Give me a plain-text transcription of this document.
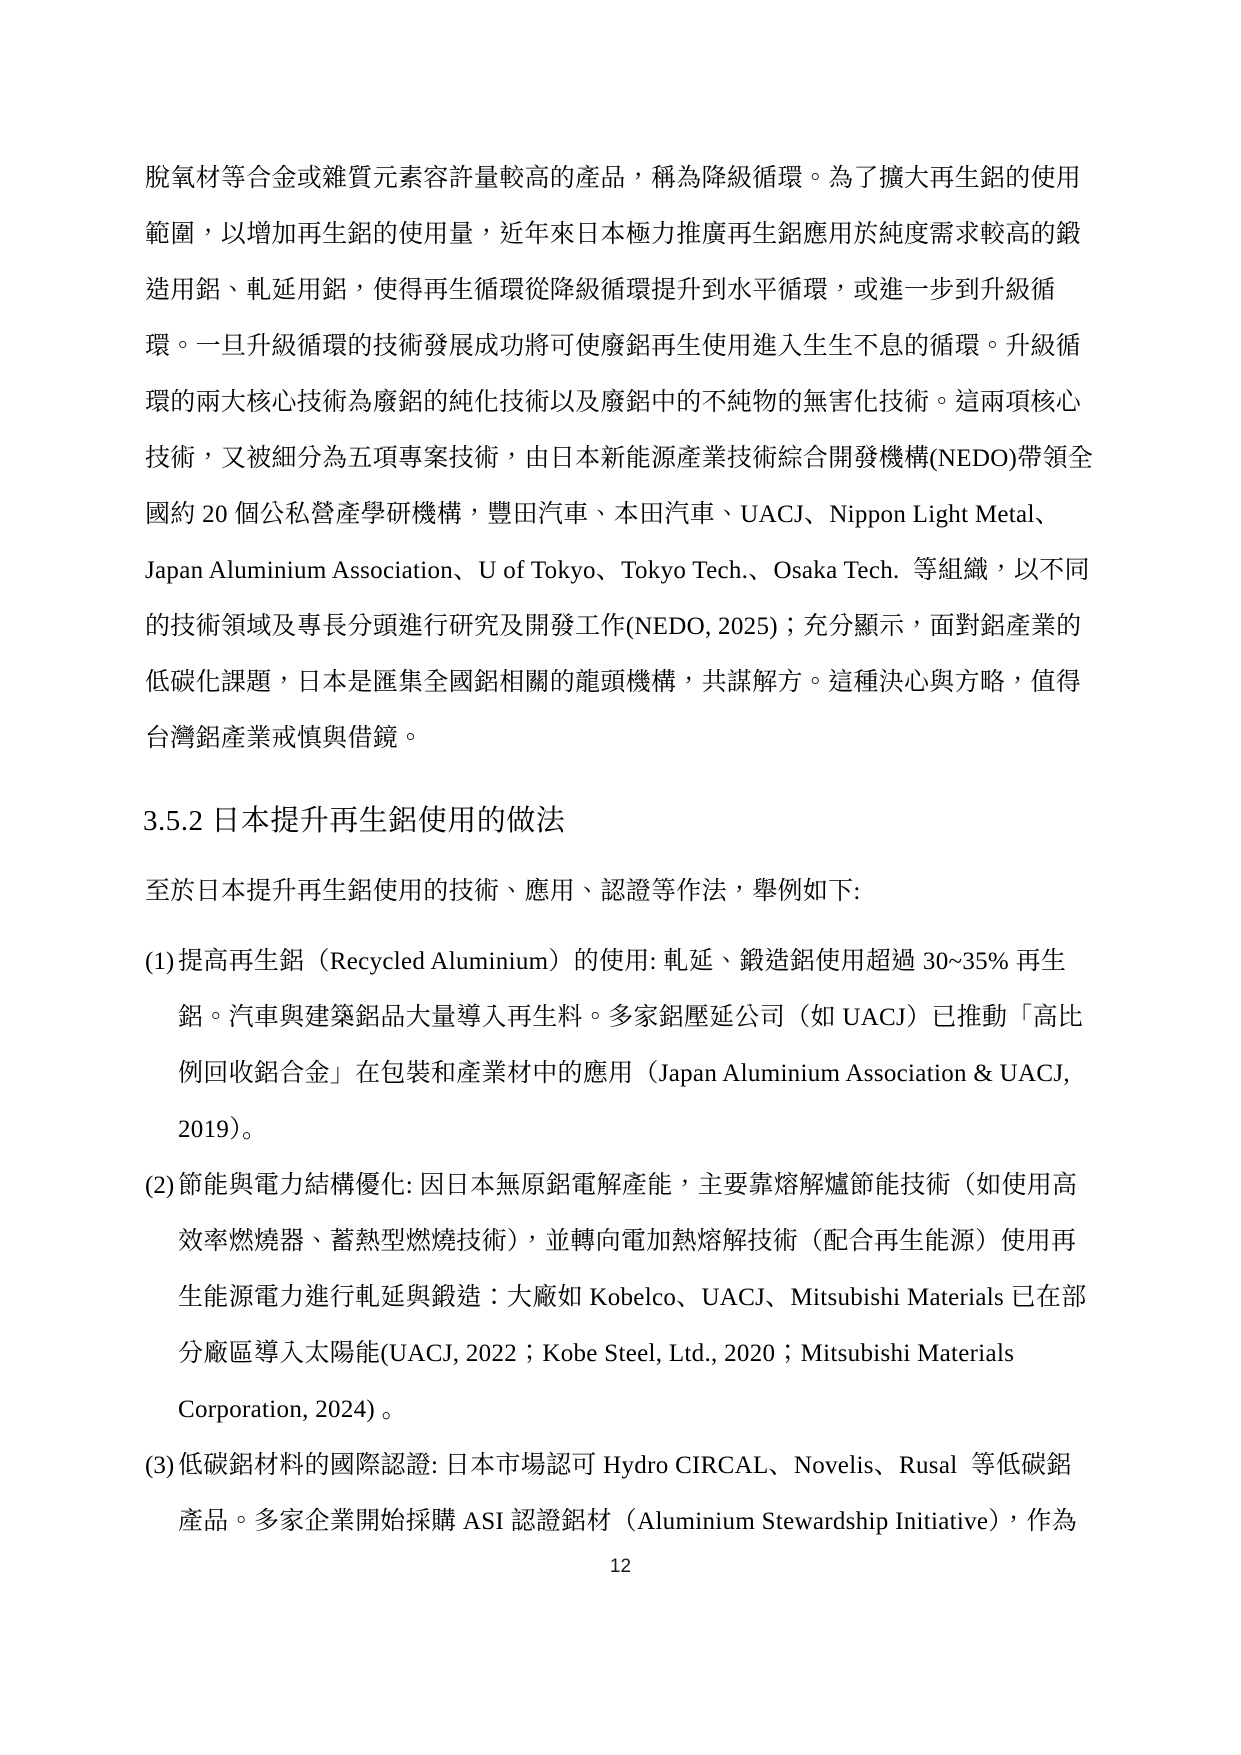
脫氧材等合金或雜質元素容許量較高的產品，稱為降級循環。為了擴大再生鋁的使用
範圍，以增加再生鋁的使用量，近年來日本極力推廣再生鋁應用於純度需求較高的鍛
造用鋁、軋延用鋁，使得再生循環從降級循環提升到水平循環，或進一步到升級循
環。一旦升級循環的技術發展成功將可使廢鋁再生使用進入生生不息的循環。升級循
環的兩大核心技術為廢鋁的純化技術以及廢鋁中的不純物的無害化技術。這兩項核心
技術，又被細分為五項專案技術，由日本新能源產業技術綜合開發機構(NEDO)帶領全
國約 20 個公私營產學研機構，豐田汽車、本田汽車、UACJ、Nippon Light Metal、
Japan Aluminium Association、U of Tokyo、Tokyo Tech.、Osaka Tech.  等組織，以不同
的技術領域及專長分頭進行研究及開發工作(NEDO, 2025)；充分顯示，面對鋁產業的
低碳化課題，日本是匯集全國鋁相關的龍頭機構，共謀解方。這種決心與方略，值得
台灣鋁產業戒慎與借鏡。
3.5.2 日本提升再生鋁使用的做法
至於日本提升再生鋁使用的技術、應用、認證等作法，舉例如下:
(1) 提高再生鋁（Recycled Aluminium）的使用: 軋延、鍛造鋁使用超過 30~35% 再生
鋁。汽車與建築鋁品大量導入再生料。多家鋁壓延公司（如 UACJ）已推動「高比
例回收鋁合金」在包裝和產業材中的應用（Japan Aluminium Association & UACJ,
2019）。
(2) 節能與電力結構優化: 因日本無原鋁電解產能，主要靠熔解爐節能技術（如使用高
效率燃燒器、蓄熱型燃燒技術），並轉向電加熱熔解技術（配合再生能源）使用再
生能源電力進行軋延與鍛造：大廠如 Kobelco、UACJ、Mitsubishi Materials 已在部
分廠區導入太陽能(UACJ, 2022；Kobe Steel, Ltd., 2020；Mitsubishi Materials
Corporation, 2024) 。
(3) 低碳鋁材料的國際認證: 日本市場認可 Hydro CIRCAL、Novelis、Rusal  等低碳鋁
產品。多家企業開始採購 ASI 認證鋁材（Aluminium Stewardship Initiative），作為
12
